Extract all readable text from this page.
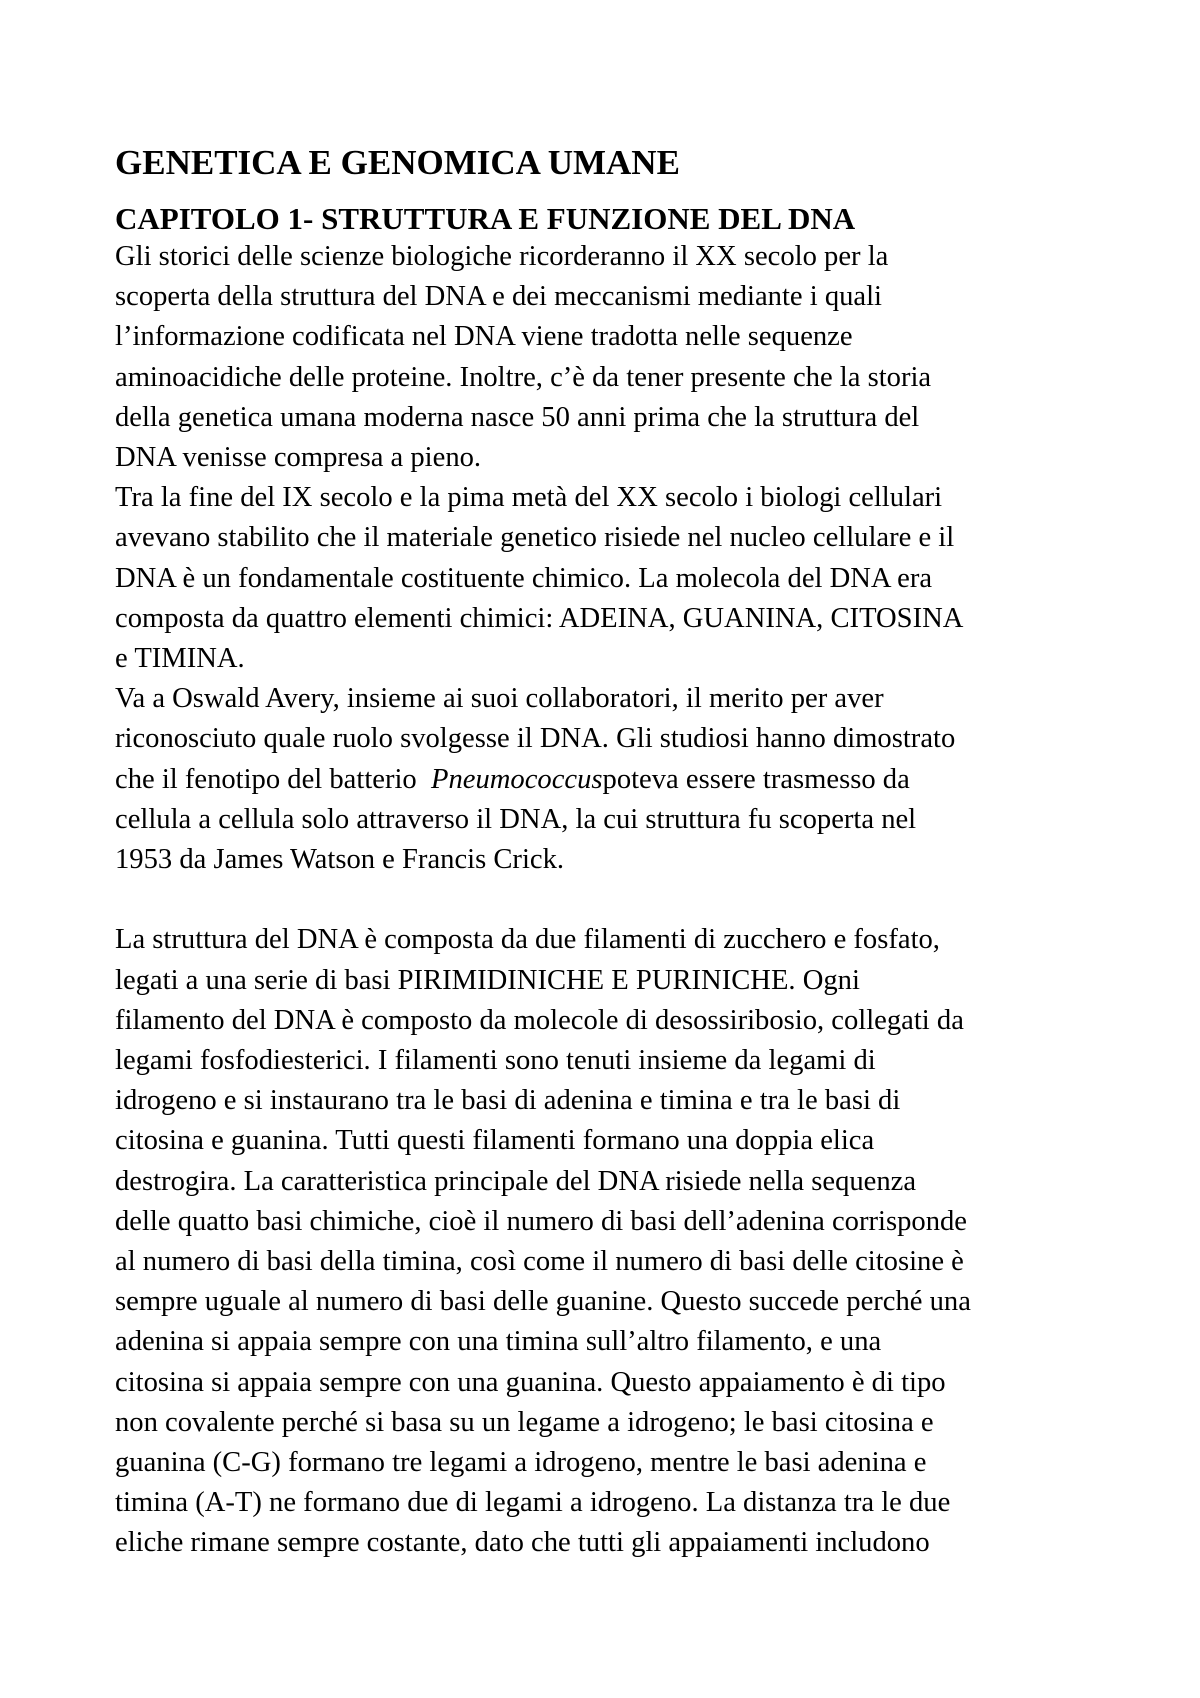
GENETICA E GENOMICA UMANE
CAPITOLO 1- STRUTTURA E FUNZIONE DEL DNA

Gli storici delle scienze biologiche ricorderanno il XX secolo per la
scoperta della struttura del DNA e dei meccanismi mediante i quali
l’informazione codificata nel DNA viene tradotta nelle sequenze
aminoacidiche delle proteine. Inoltre, c’è da tener presente che la storia
della genetica umana moderna nasce 50 anni prima che la struttura del
DNA venisse compresa a pieno.

Tra la fine del IX secolo e la pima metà del XX secolo i biologi cellulari
avevano stabilito che il materiale genetico risiede nel nucleo cellulare e il
DNA è un fondamentale costituente chimico. La molecola del DNA era
composta da quattro elementi chimici: ADEINA, GUANINA, CITOSINA
e TIMINA.

Va a Oswald Avery, insieme ai suoi collaboratori, il merito per aver
riconosciuto quale ruolo svolgesse il DNA. Gli studiosi hanno dimostrato
che il fenotipo del batterio  Pneumococcuspoteva essere trasmesso da
cellula a cellula solo attraverso il DNA, la cui struttura fu scoperta nel
1953 da James Watson e Francis Crick.

La struttura del DNA è composta da due filamenti di zucchero e fosfato,
legati a una serie di basi PIRIMIDINICHE E PURINICHE. Ogni
filamento del DNA è composto da molecole di desossiribosio, collegati da
legami fosfodiesterici. I filamenti sono tenuti insieme da legami di
idrogeno e si instaurano tra le basi di adenina e timina e tra le basi di
citosina e guanina. Tutti questi filamenti formano una doppia elica
destrogira. La caratteristica principale del DNA risiede nella sequenza
delle quatto basi chimiche, cioè il numero di basi dell’adenina corrisponde
al numero di basi della timina, così come il numero di basi delle citosine è
sempre uguale al numero di basi delle guanine. Questo succede perché una
adenina si appaia sempre con una timina sull’altro filamento, e una
citosina si appaia sempre con una guanina. Questo appaiamento è di tipo
non covalente perché si basa su un legame a idrogeno; le basi citosina e
guanina (C-G) formano tre legami a idrogeno, mentre le basi adenina e
timina (A-T) ne formano due di legami a idrogeno. La distanza tra le due
eliche rimane sempre costante, dato che tutti gli appaiamenti includono
